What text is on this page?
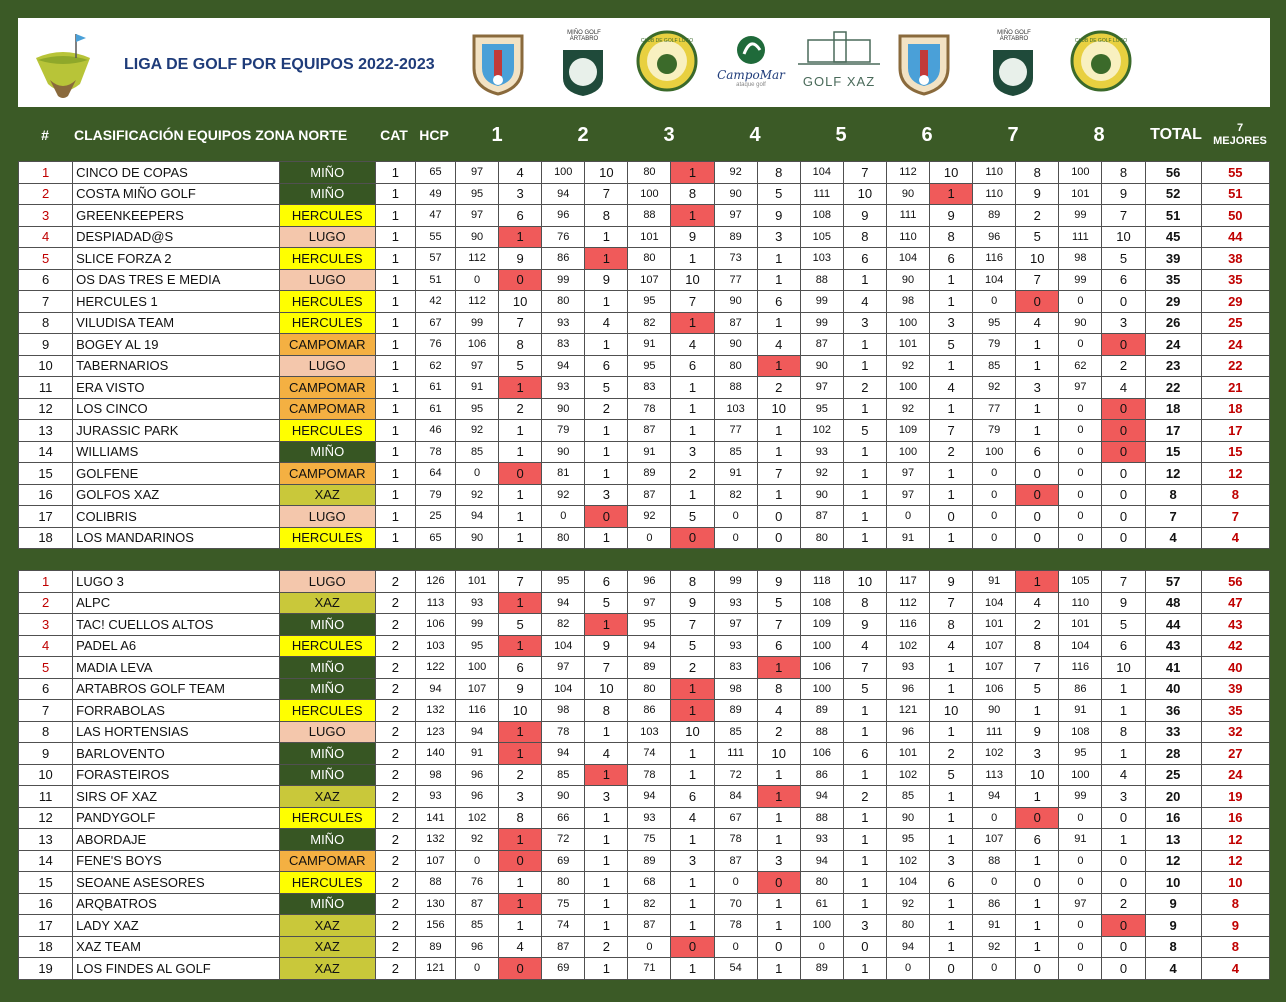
LIGA DE GOLF POR EQUIPOS 2022-2023
MIÑO GOLF ÁRTABRO	CLUB DE GOLF LUGO
CampoMar
ataque golf	GOLF XAZ
MIÑO GOLF ÁRTABRO	CLUB DE GOLF LUGO
#	CLASIFICACIÓN EQUIPOS ZONA NORTE	CAT HCP	1	2	3	4	5	6	7	8	TOTAL	7
MEJORES
1	CINCO DE COPAS	MIÑO	1	65	97	4	100	10	80	1	92	8	104	7	112	10	110	8	100	8	56	55
2	COSTA MIÑO GOLF	MIÑO	1	49	95	3	94	7	100	8	90	5	111	10	90	1	110	9	101	9	52	51
3	GREENKEEPERS	HERCULES	1	47	97	6	96	8	88	1	97	9	108	9	111	9	89	2	99	7	51	50
4	DESPIADAD@S	LUGO	1	55	90	1	76	1	101	9	89	3	105	8	110	8	96	5	111	10	45	44
5	SLICE FORZA 2	HERCULES	1	57	112	9	86	1	80	1	73	1	103	6	104	6	116	10	98	5	39	38
6	OS DAS TRES E MEDIA	LUGO	1	51	0	0	99	9	107	10	77	1	88	1	90	1	104	7	99	6	35	35
7	HERCULES 1	HERCULES	1	42	112	10	80	1	95	7	90	6	99	4	98	1	0	0	0	0	29	29
8	VILUDISA TEAM	HERCULES	1	67	99	7	93	4	82	1	87	1	99	3	100	3	95	4	90	3	26	25
9	BOGEY AL 19	CAMPOMAR	1	76	106	8	83	1	91	4	90	4	87	1	101	5	79	1	0	0	24	24
10	TABERNARIOS	LUGO	1	62	97	5	94	6	95	6	80	1	90	1	92	1	85	1	62	2	23	22
11	ERA VISTO	CAMPOMAR	1	61	91	1	93	5	83	1	88	2	97	2	100	4	92	3	97	4	22	21
12	LOS CINCO	CAMPOMAR	1	61	95	2	90	2	78	1	103	10	95	1	92	1	77	1	0	0	18	18
13	JURASSIC PARK	HERCULES	1	46	92	1	79	1	87	1	77	1	102	5	109	7	79	1	0	0	17	17
14	WILLIAMS	MIÑO	1	78	85	1	90	1	91	3	85	1	93	1	100	2	100	6	0	0	15	15
15	GOLFENE	CAMPOMAR	1	64	0	0	81	1	89	2	91	7	92	1	97	1	0	0	0	0	12	12
16	GOLFOS XAZ	XAZ	1	79	92	1	92	3	87	1	82	1	90	1	97	1	0	0	0	0	8	8
17	COLIBRIS	LUGO	1	25	94	1	0	0	92	5	0	0	87	1	0	0	0	0	0	0	7	7
18	LOS MANDARINOS	HERCULES	1	65	90	1	80	1	0	0	0	0	80	1	91	1	0	0	0	0	4	4
1	LUGO 3	LUGO	2	126	101	7	95	6	96	8	99	9	118	10	117	9	91	1	105	7	57	56
2	ALPC	XAZ	2	113	93	1	94	5	97	9	93	5	108	8	112	7	104	4	110	9	48	47
3	TAC! CUELLOS ALTOS	MIÑO	2	106	99	5	82	1	95	7	97	7	109	9	116	8	101	2	101	5	44	43
4	PADEL A6	HERCULES	2	103	95	1	104	9	94	5	93	6	100	4	102	4	107	8	104	6	43	42
5	MADIA LEVA	MIÑO	2	122	100	6	97	7	89	2	83	1	106	7	93	1	107	7	116	10	41	40
6	ARTABROS GOLF TEAM	MIÑO	2	94	107	9	104	10	80	1	98	8	100	5	96	1	106	5	86	1	40	39
7	FORRABOLAS	HERCULES	2	132	116	10	98	8	86	1	89	4	89	1	121	10	90	1	91	1	36	35
8	LAS HORTENSIAS	LUGO	2	123	94	1	78	1	103	10	85	2	88	1	96	1	111	9	108	8	33	32
9	BARLOVENTO	MIÑO	2	140	91	1	94	4	74	1	111	10	106	6	101	2	102	3	95	1	28	27
10	FORASTEIROS	MIÑO	2	98	96	2	85	1	78	1	72	1	86	1	102	5	113	10	100	4	25	24
11	SIRS OF XAZ	XAZ	2	93	96	3	90	3	94	6	84	1	94	2	85	1	94	1	99	3	20	19
12	PANDYGOLF	HERCULES	2	141	102	8	66	1	93	4	67	1	88	1	90	1	0	0	0	0	16	16
13	ABORDAJE	MIÑO	2	132	92	1	72	1	75	1	78	1	93	1	95	1	107	6	91	1	13	12
14	FENE'S BOYS	CAMPOMAR	2	107	0	0	69	1	89	3	87	3	94	1	102	3	88	1	0	0	12	12
15	SEOANE ASESORES	HERCULES	2	88	76	1	80	1	68	1	0	0	80	1	104	6	0	0	0	0	10	10
16	ARQBATROS	MIÑO	2	130	87	1	75	1	82	1	70	1	61	1	92	1	86	1	97	2	9	8
17	LADY XAZ	XAZ	2	156	85	1	74	1	87	1	78	1	100	3	80	1	91	1	0	0	9	9
18	XAZ TEAM	XAZ	2	89	96	4	87	2	0	0	0	0	0	0	94	1	92	1	0	0	8	8
19	LOS FINDES AL GOLF	XAZ	2	121	0	0	69	1	71	1	54	1	89	1	0	0	0	0	0	0	4	4
